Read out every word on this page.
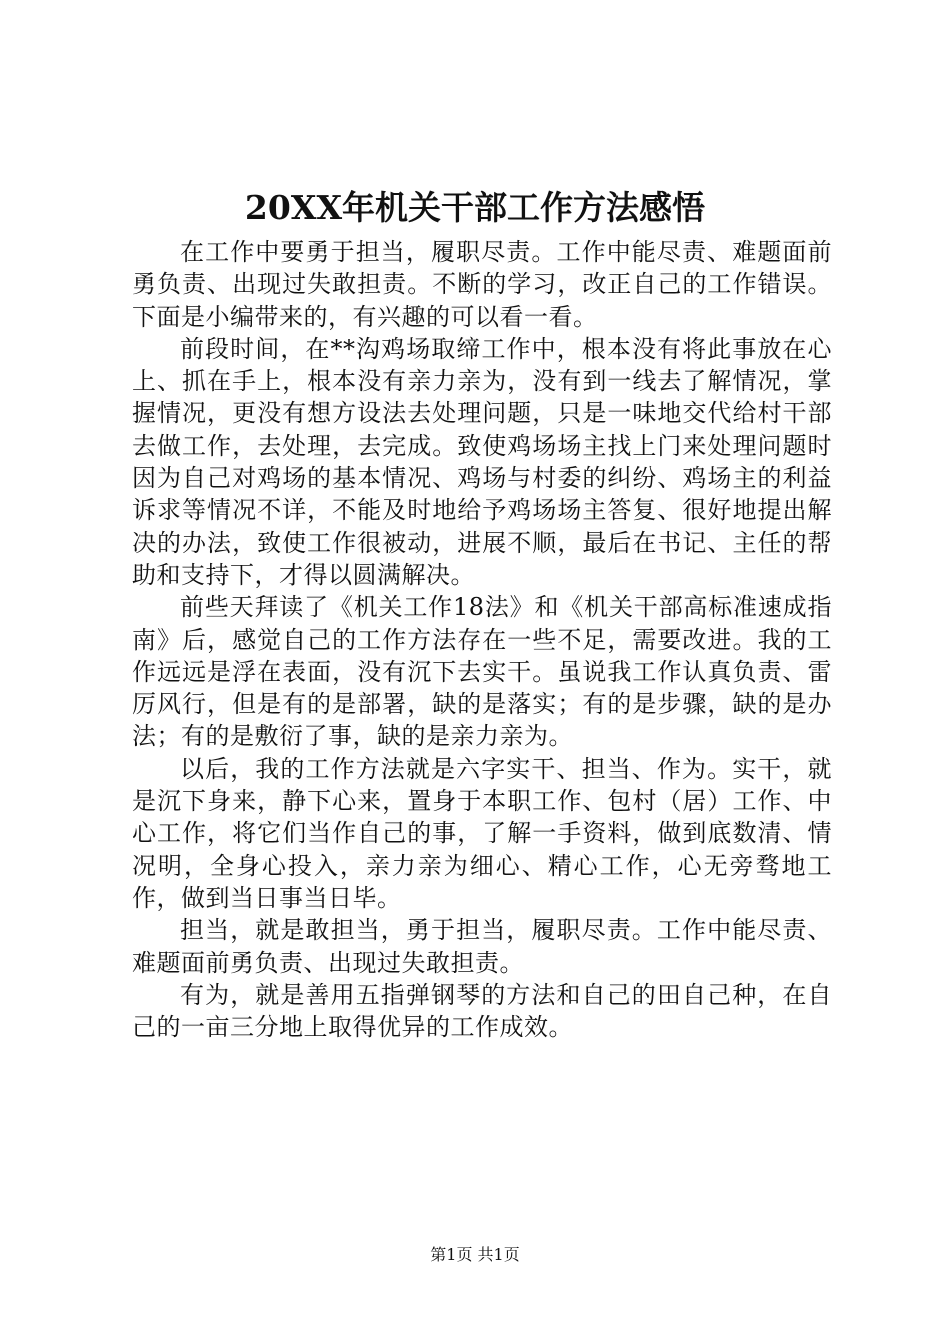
20XX年机关干部工作方法感悟

在工作中要勇于担当，履职尽责。工作中能尽责、难题面前勇负责、出现过失敢担责。不断的学习，改正自己的工作错误。下面是小编带来的，有兴趣的可以看一看。

前段时间，在**沟鸡场取缔工作中，根本没有将此事放在心上、抓在手上，根本没有亲力亲为，没有到一线去了解情况，掌握情况，更没有想方设法去处理问题，只是一味地交代给村干部去做工作，去处理，去完成。致使鸡场场主找上门来处理问题时因为自己对鸡场的基本情况、鸡场与村委的纠纷、鸡场主的利益诉求等情况不详，不能及时地给予鸡场场主答复、很好地提出解决的办法，致使工作很被动，进展不顺，最后在书记、主任的帮助和支持下，才得以圆满解决。

前些天拜读了《机关工作18法》和《机关干部高标准速成指南》后，感觉自己的工作方法存在一些不足，需要改进。我的工作远远是浮在表面，没有沉下去实干。虽说我工作认真负责、雷厉风行，但是有的是部署，缺的是落实；有的是步骤，缺的是办法；有的是敷衍了事，缺的是亲力亲为。

以后，我的工作方法就是六字实干、担当、作为。实干，就是沉下身来，静下心来，置身于本职工作、包村（居）工作、中心工作，将它们当作自己的事，了解一手资料，做到底数清、情况明，全身心投入，亲力亲为细心、精心工作，心无旁骛地工作，做到当日事当日毕。

担当，就是敢担当，勇于担当，履职尽责。工作中能尽责、难题面前勇负责、出现过失敢担责。

有为，就是善用五指弹钢琴的方法和自己的田自己种，在自己的一亩三分地上取得优异的工作成效。

第1页 共1页
